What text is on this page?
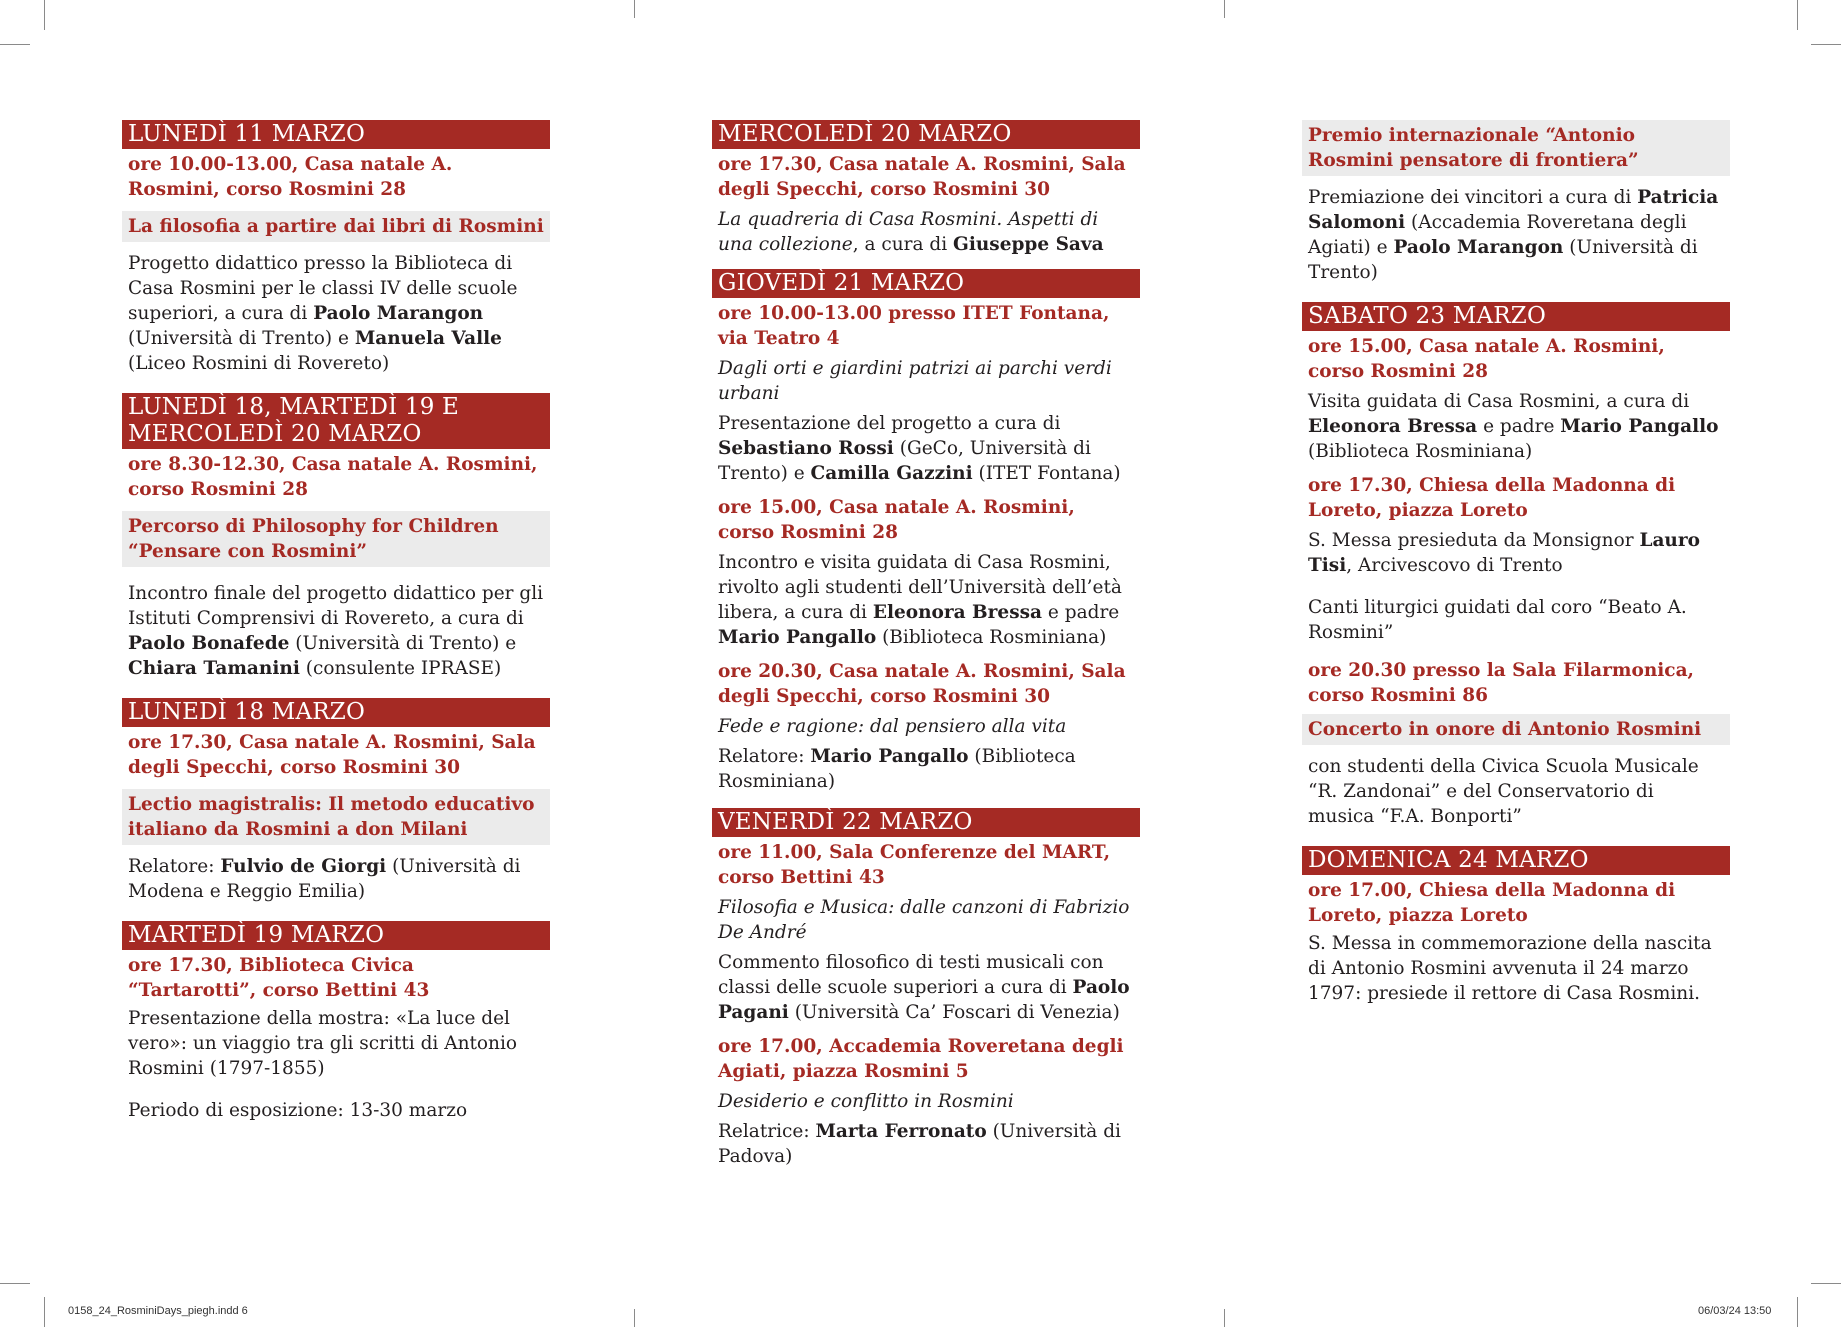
LUNEDÌ 11 MARZO
ore 10.00-13.00, Casa natale A. Rosmini, corso Rosmini 28
La filosofia a partire dai libri di Rosmini
Progetto didattico presso la Biblioteca di Casa Rosmini per le classi IV delle scuole superiori, a cura di Paolo Marangon (Università di Trento) e Manuela Valle (Liceo Rosmini di Rovereto)
LUNEDÌ 18, MARTEDÌ 19 E MERCOLEDÌ 20 MARZO
ore 8.30-12.30, Casa natale A. Rosmini, corso Rosmini 28
Percorso di Philosophy for Children “Pensare con Rosmini”
Incontro finale del progetto didattico per gli Istituti Comprensivi di Rovereto, a cura di Paolo Bonafede (Università di Trento) e Chiara Tamanini (consulente IPRASE)
LUNEDÌ 18 MARZO
ore 17.30, Casa natale A. Rosmini, Sala degli Specchi, corso Rosmini 30
Lectio magistralis: Il metodo educativo italiano da Rosmini a don Milani
Relatore: Fulvio de Giorgi (Università di Modena e Reggio Emilia)
MARTEDÌ 19 MARZO
ore 17.30, Biblioteca Civica “Tartarotti”, corso Bettini 43
Presentazione della mostra: «La luce del vero»: un viaggio tra gli scritti di Antonio Rosmini (1797-1855)
Periodo di esposizione: 13-30 marzo
MERCOLEDÌ 20 MARZO
ore 17.30, Casa natale A. Rosmini, Sala degli Specchi, corso Rosmini 30
La quadreria di Casa Rosmini. Aspetti di una collezione, a cura di Giuseppe Sava
GIOVEDÌ 21 MARZO
ore 10.00-13.00 presso ITET Fontana, via Teatro 4
Dagli orti e giardini patrizi ai parchi verdi urbani
Presentazione del progetto a cura di Sebastiano Rossi (GeCo, Università di Trento) e Camilla Gazzini (ITET Fontana)
ore 15.00, Casa natale A. Rosmini, corso Rosmini 28
Incontro e visita guidata di Casa Rosmini, rivolto agli studenti dell’Università dell’età libera, a cura di Eleonora Bressa e padre Mario Pangallo (Biblioteca Rosminiana)
ore 20.30, Casa natale A. Rosmini, Sala degli Specchi, corso Rosmini 30
Fede e ragione: dal pensiero alla vita
Relatore: Mario Pangallo (Biblioteca Rosminiana)
VENERDÌ 22 MARZO
ore 11.00, Sala Conferenze del MART, corso Bettini 43
Filosofia e Musica: dalle canzoni di Fabrizio De André
Commento filosofico di testi musicali con classi delle scuole superiori a cura di Paolo Pagani (Università Ca’ Foscari di Venezia)
ore 17.00, Accademia Roveretana degli Agiati, piazza Rosmini 5
Desiderio e conflitto in Rosmini
Relatrice: Marta Ferronato (Università di Padova)
Premio internazionale “Antonio Rosmini pensatore di frontiera”
Premiazione dei vincitori a cura di Patricia Salomoni (Accademia Roveretana degli Agiati) e Paolo Marangon (Università di Trento)
SABATO 23 MARZO
ore 15.00, Casa natale A. Rosmini, corso Rosmini 28
Visita guidata di Casa Rosmini, a cura di Eleonora Bressa e padre Mario Pangallo (Biblioteca Rosminiana)
ore 17.30, Chiesa della Madonna di Loreto, piazza Loreto
S. Messa presieduta da Monsignor Lauro Tisi, Arcivescovo di Trento
Canti liturgici guidati dal coro “Beato A. Rosmini”
ore 20.30 presso la Sala Filarmonica, corso Rosmini 86
Concerto in onore di Antonio Rosmini
con studenti della Civica Scuola Musicale “R. Zandonai” e del Conservatorio di musica “F.A. Bonporti”
DOMENICA 24 MARZO
ore 17.00, Chiesa della Madonna di Loreto, piazza Loreto
S. Messa in commemorazione della nascita di Antonio Rosmini avvenuta il 24 marzo 1797: presiede il rettore di Casa Rosmini.
0158_24_RosminiDays_piegh.indd 6	06/03/24 13:50
